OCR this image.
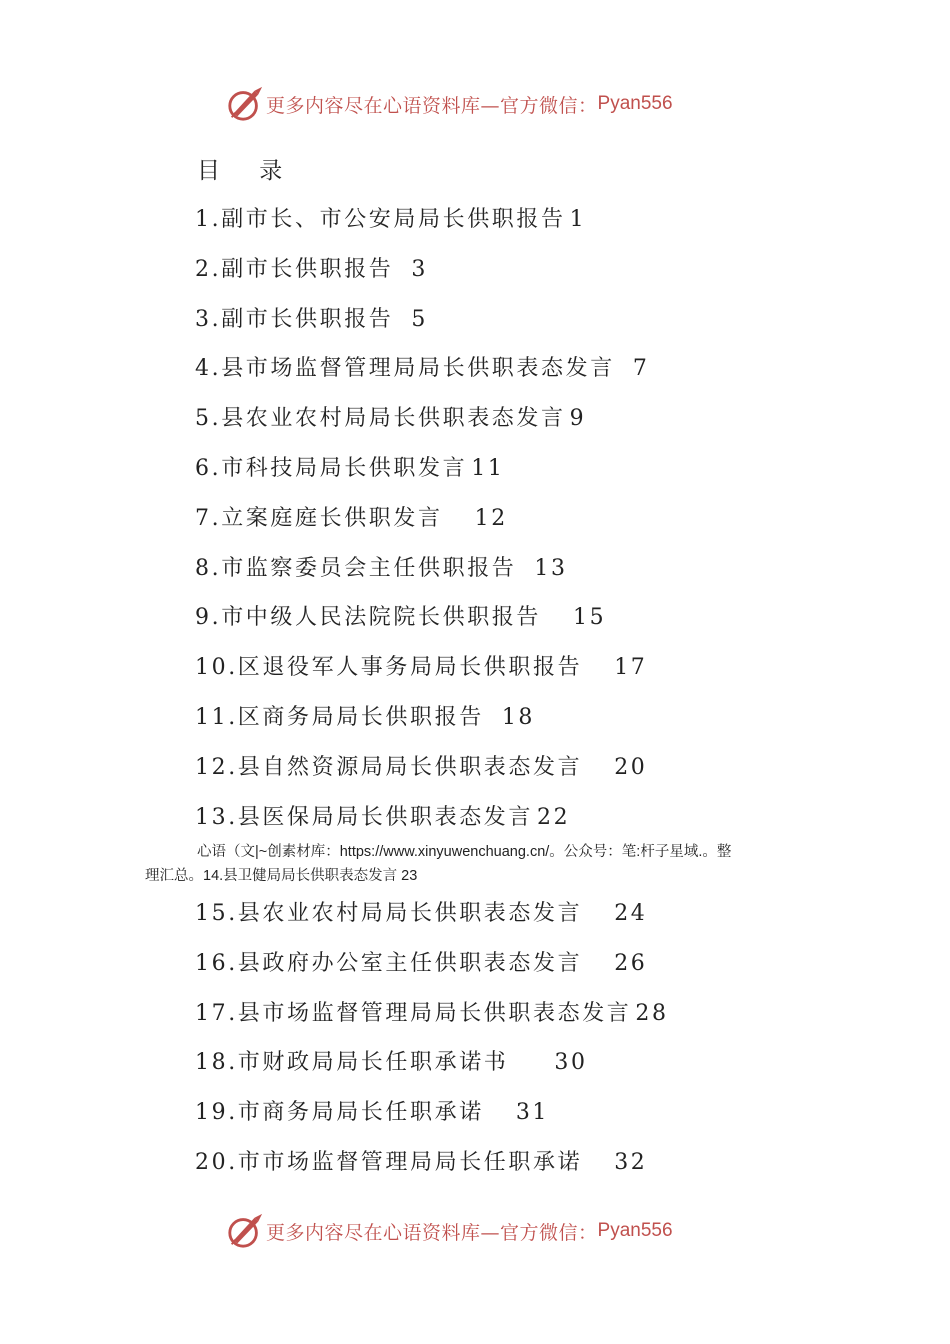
更多内容尽在心语资料库—官方微信： Pyan556
目 录
1. 副市长、市公安局局长供职报告 1
2. 副市长供职报告 3
3. 副市长供职报告 5
4. 县市场监督管理局局长供职表态发言 7
5. 县农业农村局局长供职表态发言 9
6. 市科技局局长供职发言 11
7. 立案庭庭长供职发言 12
8. 市监察委员会主任供职报告 13
9. 市中级人民法院院长供职报告 15
10. 区退役军人事务局局长供职报告 17
11. 区商务局局长供职报告 18
12. 县自然资源局局长供职表态发言 20
13. 县医保局局长供职表态发言 22
心语（文|~创素材库：https://www.xinyuwenchuang.cn/。公众号：笔:杆子星域.。整
理汇总。14.县卫健局局长供职表态发言 23
15. 县农业农村局局长供职表态发言 24
16. 县政府办公室主任供职表态发言 26
17. 县市场监督管理局局长供职表态发言 28
18. 市财政局局长任职承诺书 30
19. 市商务局局长任职承诺 31
20. 市市场监督管理局局长任职承诺 32
更多内容尽在心语资料库—官方微信： Pyan556
